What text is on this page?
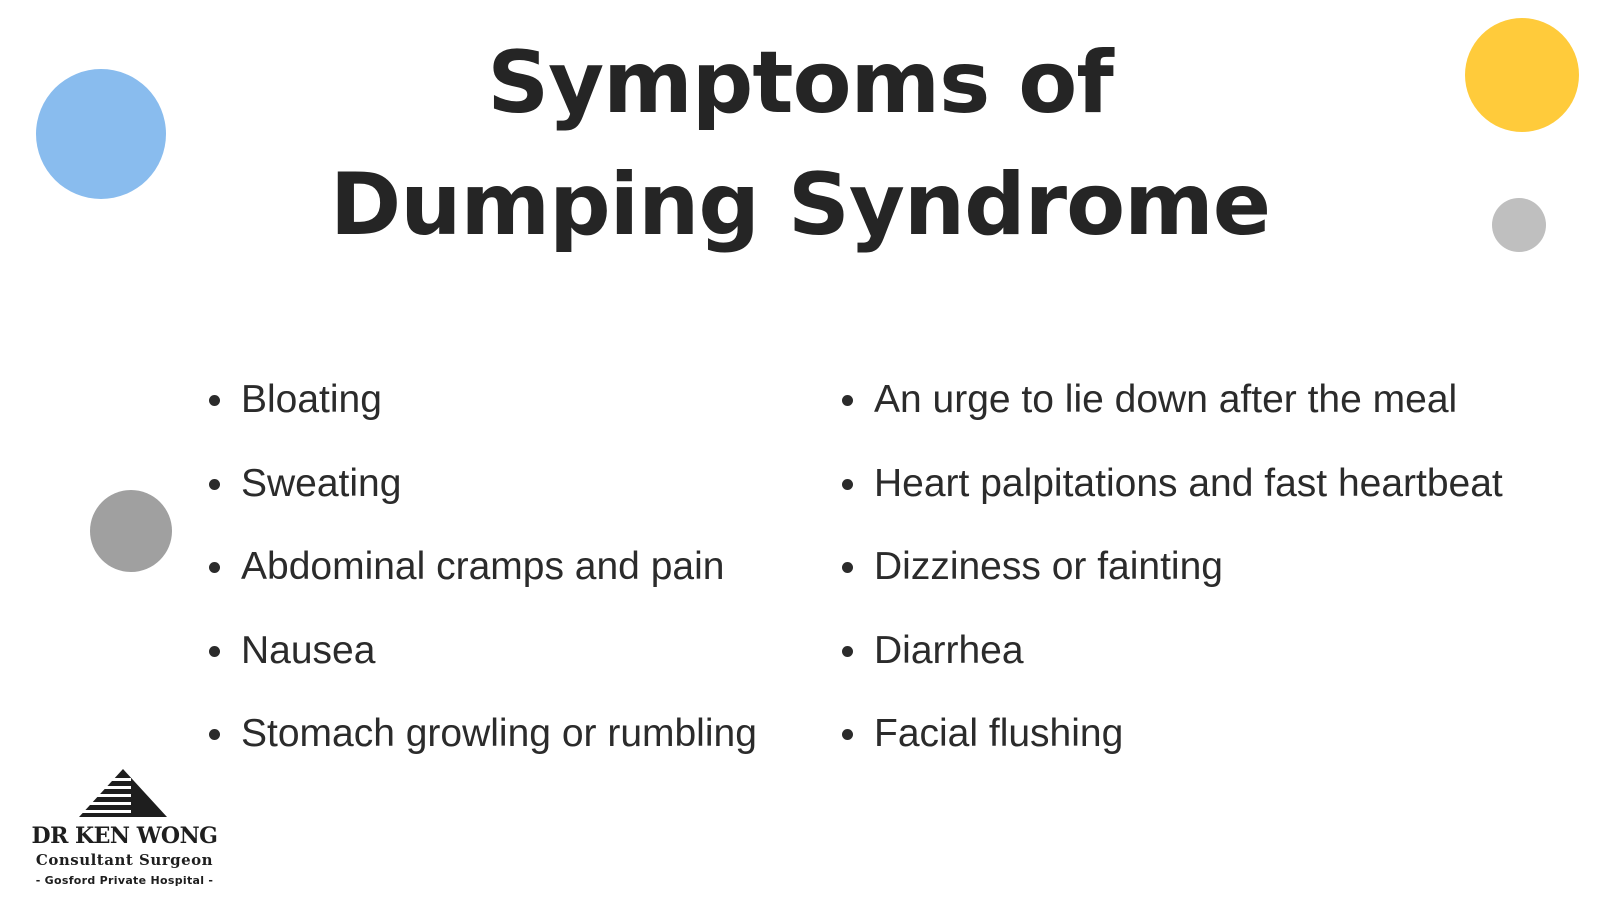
Symptoms of Dumping Syndrome
Bloating
Sweating
Abdominal cramps and pain
Nausea
Stomach growling or rumbling
An urge to lie down after the meal
Heart palpitations and fast heartbeat
Dizziness or fainting
Diarrhea
Facial flushing
DR KEN WONG
Consultant Surgeon
- Gosford Private Hospital -
